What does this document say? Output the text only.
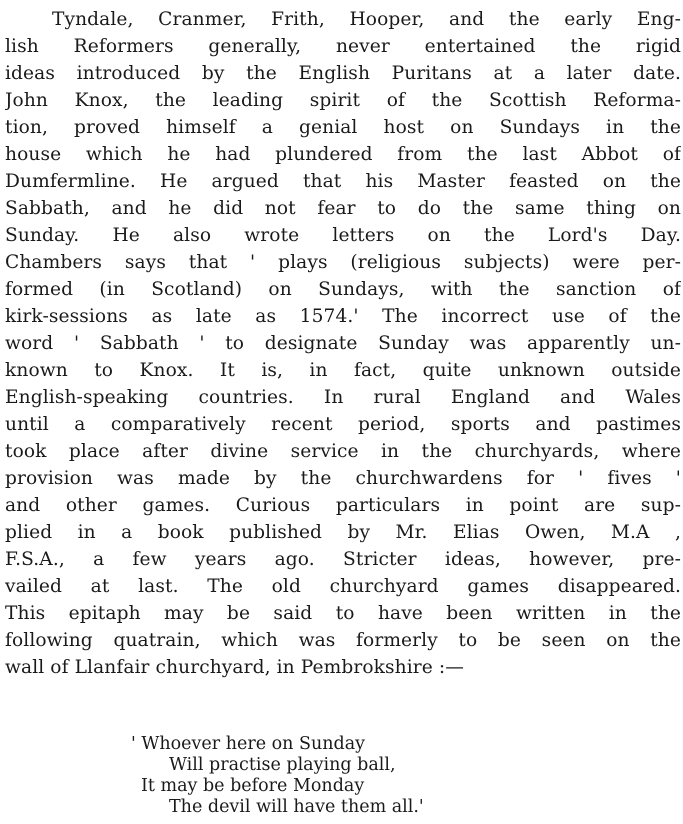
Tyndale, Cranmer, Frith, Hooper, and the early Eng-
lish Reformers generally, never entertained the rigid
ideas introduced by the English Puritans at a later date.
John Knox, the leading spirit of the Scottish Reforma-
tion, proved himself a genial host on Sundays in the
house which he had plundered from the last Abbot of
Dumfermline. He argued that his Master feasted on the
Sabbath, and he did not fear to do the same thing on
Sunday. He also wrote letters on the Lord's Day.
Chambers says that ' plays (religious subjects) were per-
formed (in Scotland) on Sundays, with the sanction of
kirk-sessions as late as 1574.' The incorrect use of the
word ' Sabbath ' to designate Sunday was apparently un-
known to Knox. It is, in fact, quite unknown outside
English-speaking countries. In rural England and Wales
until a comparatively recent period, sports and pastimes
took place after divine service in the churchyards, where
provision was made by the churchwardens for ' fives '
and other games. Curious particulars in point are sup-
plied in a book published by Mr. Elias Owen, M.A ,
F.S.A., a few years ago. Stricter ideas, however, pre-
vailed at last. The old churchyard games disappeared.
This epitaph may be said to have been written in the
following quatrain, which was formerly to be seen on the
wall of Llanfair churchyard, in Pembrokshire :—
' Whoever here on Sunday
Will practise playing ball,
It may be before Monday
The devil will have them all.'
